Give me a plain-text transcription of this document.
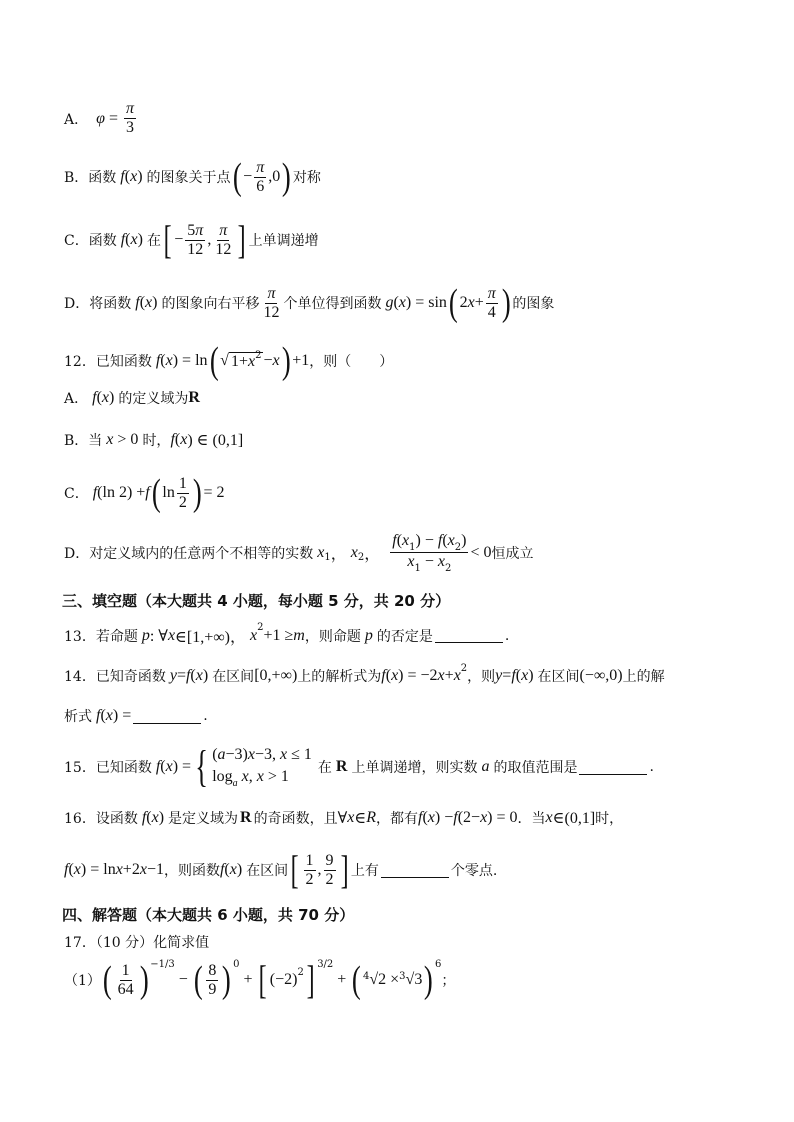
A． $\varphi = \frac{\pi}{3}$
B． 函数 f ( x ) 的图象关于点 ( − $\frac{\pi}{6} ,0$ ) 对称
C． 函数 f ( x ) 在 [ − $\frac{5\pi}{12}$ , $\frac{\pi}{12}$ ] 上单调递增
D． 将函数 f ( x ) 的图象向右平移 $\frac{\pi}{12}$ 个单位得到函数 g ( x ) = sin ( 2 $x + \frac{\pi}{4}$ ) 的图象
12．已知函数 f ( x ) = ln ( √ $1+x^2 - x$ ) +1 ，则（　　）
A． f ( x ) 的定义域为 R
B． 当 x > 0 时， f ( x ) ∈ (0,1]
C． f (ln 2) + f ( $\ln \frac{1}{2}$ ) = 2
D． 对定义域内的任意两个不相等的实数 x 1 ， x 2 ， $\frac{f(x_1) - f(x_2)}{x_1 - x_2} < 0$ 恒成立
三、填空题（本大题共 4 小题，每小题 5 分，共 20 分）
13．若命题 p : ∀ x ∈[1,+∞)， x 2 +1 ≥ m ，则命题 p 的否定是	.
14．已知奇函数 y = f ( x ) 在区间 [0,+∞) 上的解析式为 f ( x ) = −2 x + x 2
，则 y = f ( x ) 在区间 (−∞,0) 上的解
析式 f ( x ) =	.
15．已知函数 f ( x ) = { (a−3)x−3, x ≤ 1
$\log_a x$, x > 1	在 R 上单调递增，则实数 a 的取值范围是	.
16．设函数 f ( x ) 是定义域为 R 的奇函数，且 ∀ x ∈ R ，都有 f ( x ) − f (2− x ) = 0 ．当 x ∈(0,1] 时，
f ( x ) = ln x +2 x −1 ，则函数 f ( x ) 在区间 [ $\frac{1}{2}$ , $\frac{9}{2}$ ] 上有	个零点.
四、解答题（本大题共 6 小题，共 70 分）
17．（10 分）化简求值
（1） ( $\frac{1}{64}$ ) −1/3
− ( $\frac{8}{9}$ ) 0
+ [ (−2) 2 ] 3/2
+ ( 4 √2 × 3 √3 ) 6
；
